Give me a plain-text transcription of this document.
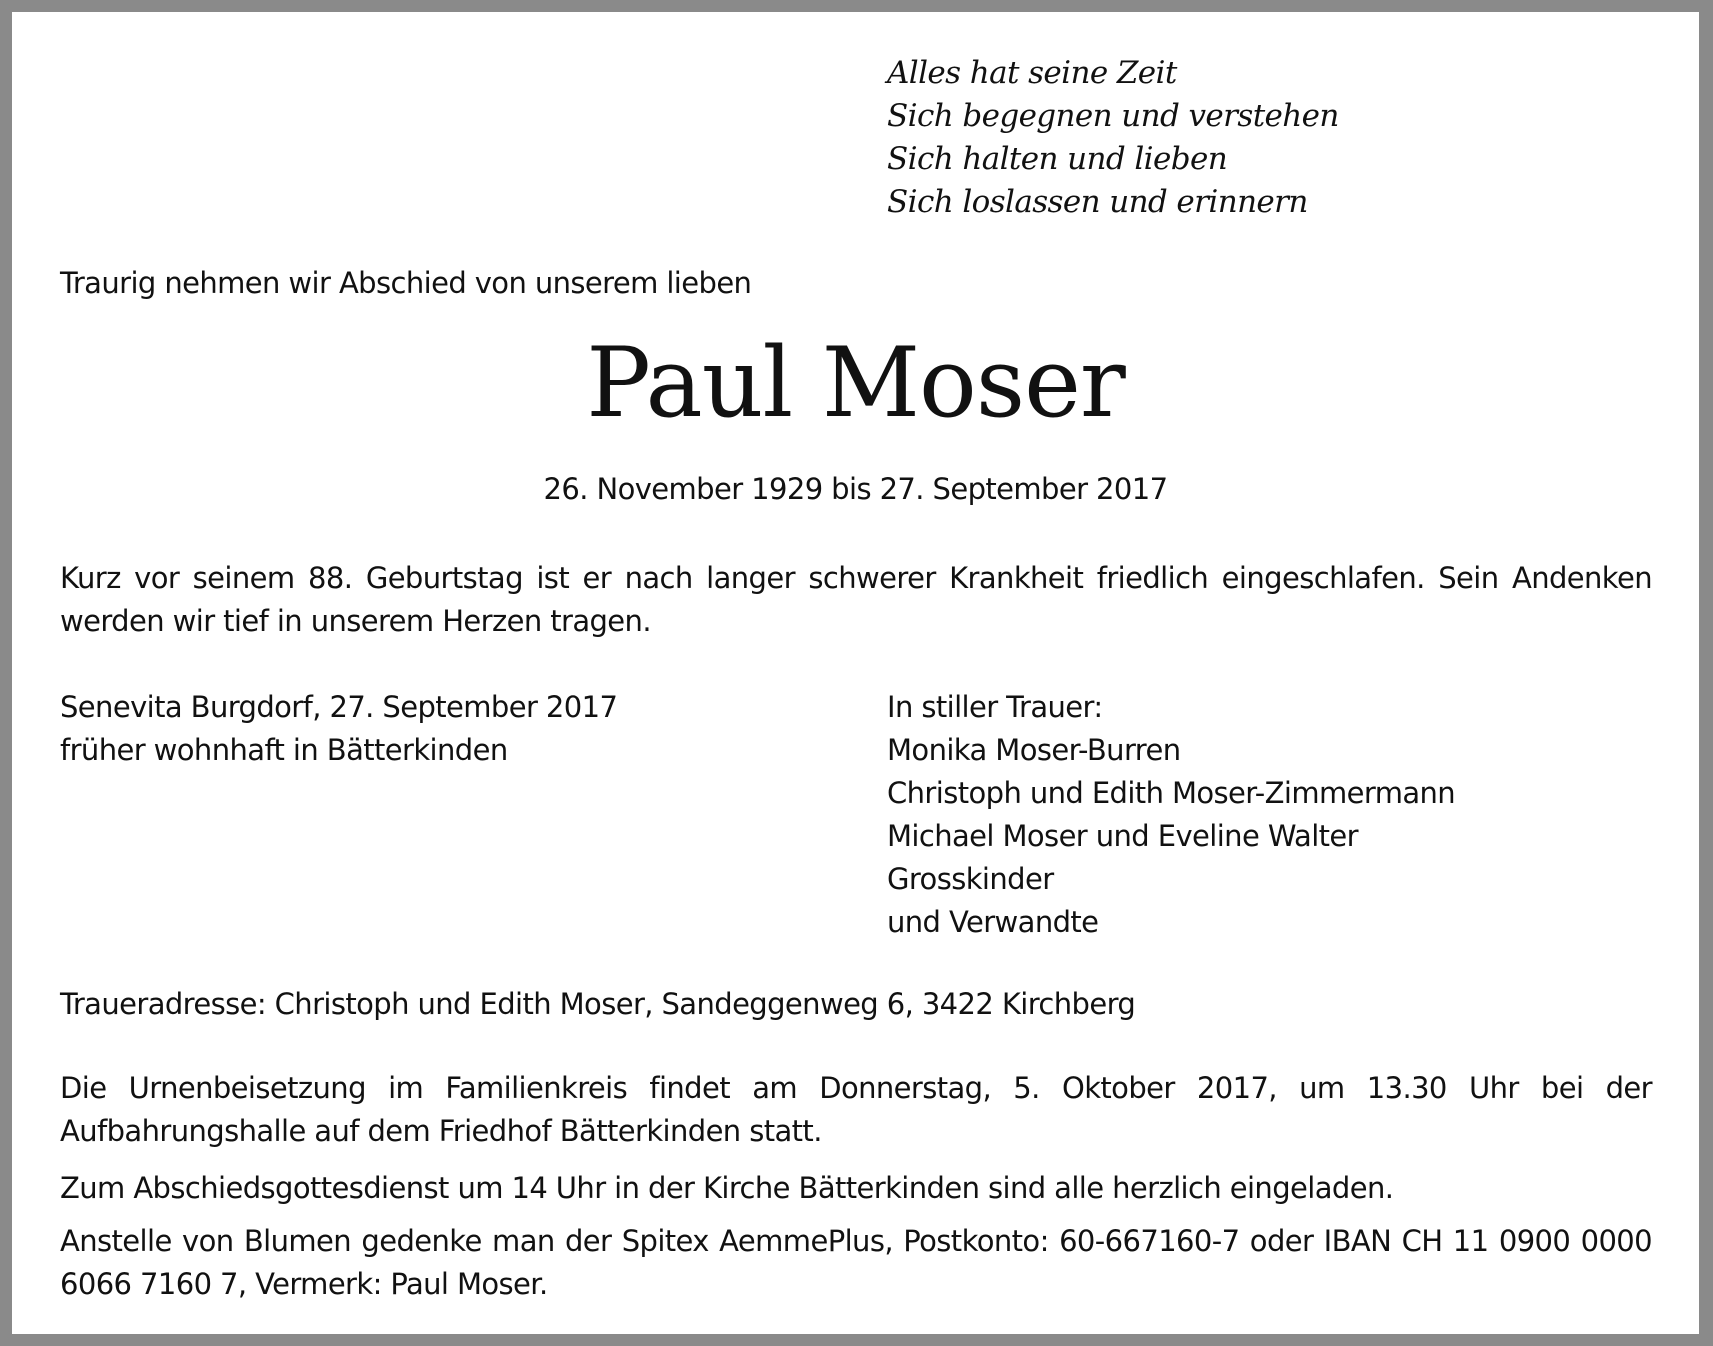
Alles hat seine Zeit
Sich begegnen und verstehen
Sich halten und lieben
Sich loslassen und erinnern
Traurig nehmen wir Abschied von unserem lieben
Paul Moser
26. November 1929 bis 27. September 2017
Kurz vor seinem 88. Geburtstag ist er nach langer schwerer Krankheit friedlich eingeschlafen. Sein Andenken werden wir tief in unserem Herzen tragen.
Senevita Burgdorf, 27. September 2017
früher wohnhaft in Bätterkinden
In stiller Trauer:
Monika Moser-Burren
Christoph und Edith Moser-Zimmermann
Michael Moser und Eveline Walter
Grosskinder
und Verwandte
Traueradresse: Christoph und Edith Moser, Sandeggenweg 6, 3422 Kirchberg
Die Urnenbeisetzung im Familienkreis findet am Donnerstag, 5. Oktober 2017, um 13.30 Uhr bei der Aufbahrungshalle auf dem Friedhof Bätterkinden statt.
Zum Abschiedsgottesdienst um 14 Uhr in der Kirche Bätterkinden sind alle herzlich eingeladen.
Anstelle von Blumen gedenke man der Spitex AemmePlus, Postkonto: 60-667160-7 oder IBAN CH 11 0900 0000 6066 7160 7, Vermerk: Paul Moser.
